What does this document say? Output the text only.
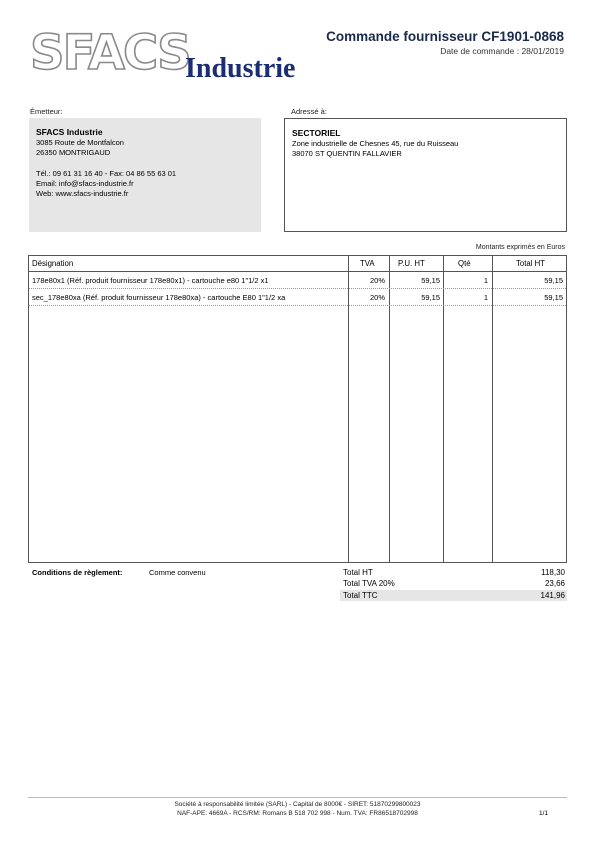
SFACS
Industrie
Commande fournisseur CF1901-0868
Date de commande : 28/01/2019
Émetteur:	Adressé à:
SFACS Industrie
3085 Route de Montfalcon
26350 MONTRIGAUD
Tél.: 09 61 31 16 40 - Fax: 04 86 55 63 01
Email: info@sfacs-industrie.fr
Web: www.sfacs-industrie.fr
SECTORIEL
Zone industrielle de Chesnes 45, rue du Ruisseau
38070 ST QUENTIN FALLAVIER
Montants exprimés en Euros
Désignation	TVA	P.U. HT	Qté	Total HT
178e80x1 (Réf. produit fournisseur 178e80x1) - cartouche e80 1"1/2 x1	20%	59,15	1	59,15
sec_178e80xa (Réf. produit fournisseur 178e80xa) - cartouche E80 1"1/2 xa	20%	59,15	1	59,15
Conditions de règlement:	Comme convenu	Total HT	118,30
Total TVA 20%	23,66
Total TTC	141,96
Société à responsabilité limitée (SARL) - Capital de 8000€ - SIRET: 51870299800023
NAF-APE: 4669A - RCS/RM: Romans B 518 702 998 - Num. TVA: FR86518702998	1/1
